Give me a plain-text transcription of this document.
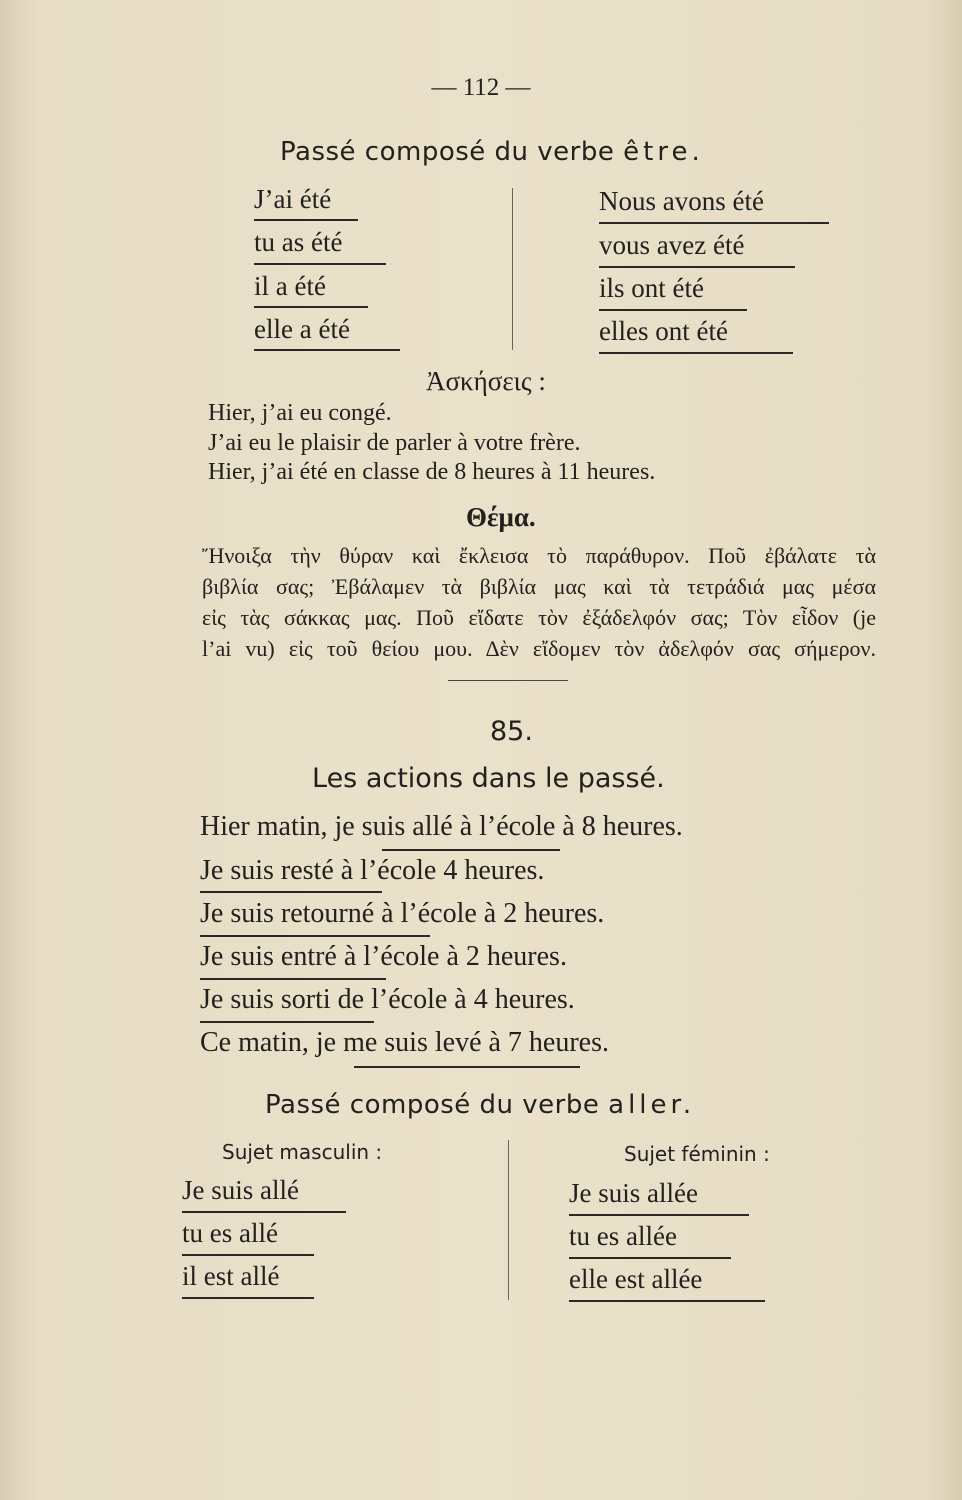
— 112 —
Passé composé du verbe être.
J’ai été
tu as été
il a été
elle a été
Nous avons été
vous avez été
ils ont été
elles ont été
Ἀσκήσεις :
Hier, j’ai eu congé.
J’ai eu le plaisir de parler à votre frère.
Hier, j’ai été en classe de 8 heures à 11 heures.
Θέμα.
Ἤνοιξα τὴν θύραν καὶ ἔκλεισα τὸ παράθυρον. Ποῦ ἐβάλατε τὰ
βιβλία σας; Ἐβάλαμεν τὰ βιβλία μας καὶ τὰ τετράδιά μας μέσα
εἰς τὰς σάκκας μας. Ποῦ εἴδατε τὸν ἐξάδελφόν σας; Τὸν εἶδον (je
l’ai vu) εἰς τοῦ θείου μου. Δὲν εἴδομεν τὸν ἀδελφόν σας σήμερον.
85.
Les actions dans le passé.
Hier matin, je suis allé à l’école à 8 heures.
Je suis resté à l’école 4 heures.
Je suis retourné à l’école à 2 heures.
Je suis entré à l’école à 2 heures.
Je suis sorti de l’école à 4 heures.
Ce matin, je me suis levé à 7 heures.
Passé composé du verbe aller.
Sujet masculin :	Sujet féminin :
Je suis allé
tu es allé
il est allé
Je suis allée
tu es allée
elle est allée
